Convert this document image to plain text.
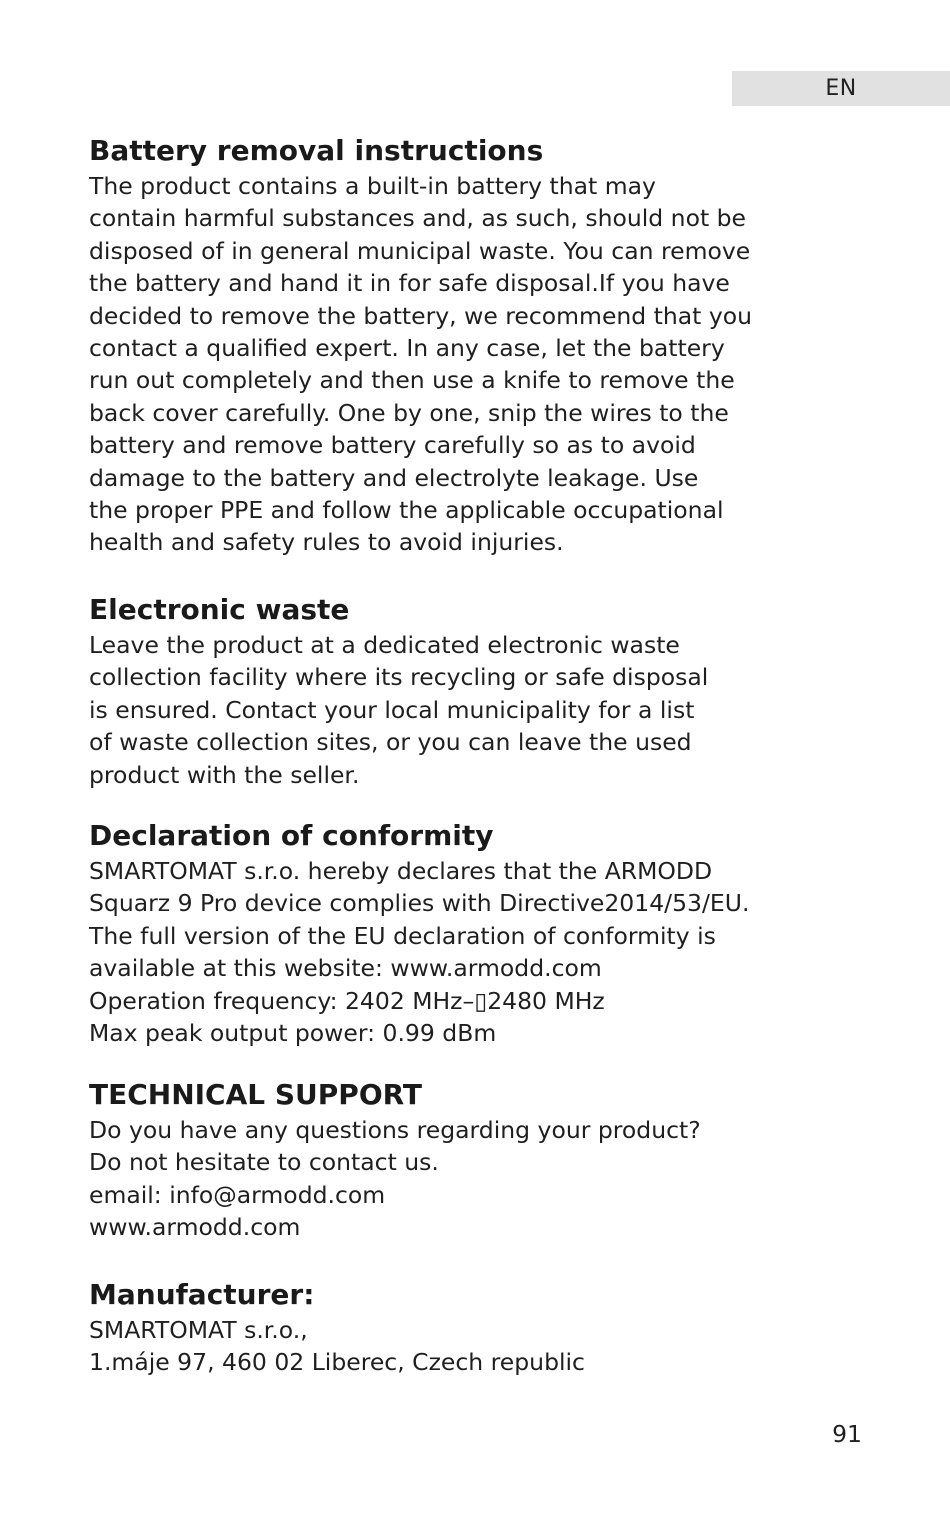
EN
Battery removal instructions

The product contains a built-in battery that may

contain harmful substances and, as such, should not be

disposed of in general municipal waste. You can remove

the battery and hand it in for safe disposal.If you have

decided to remove the battery, we recommend that you

contact a qualified expert. In any case, let the battery

run out completely and then use a knife to remove the

back cover carefully. One by one, snip the wires to the

battery and remove battery carefully so as to avoid

damage to the battery and electrolyte leakage. Use

the proper PPE and follow the applicable occupational

health and safety rules to avoid injuries.

Electronic waste

Leave the product at a dedicated electronic waste

collection facility where its recycling or safe disposal

is ensured. Contact your local municipality for a list

of waste collection sites, or you can leave the used

product with the seller.

Declaration of conformity

SMARTOMAT s.r.o. hereby declares that the ARMODD

Squarz 9 Pro device complies with Directive2014/53/EU.

The full version of the EU declaration of conformity is

available at this website: www.armodd.com

Operation frequency: 2402 MHz–▯2480 MHz

Max peak output power: 0.99 dBm

TECHNICAL SUPPORT

Do you have any questions regarding your product?

Do not hesitate to contact us.

email: info@armodd.com

www.armodd.com

Manufacturer:

SMARTOMAT s.r.o.,

1.máje 97, 460 02 Liberec, Czech republic

91
